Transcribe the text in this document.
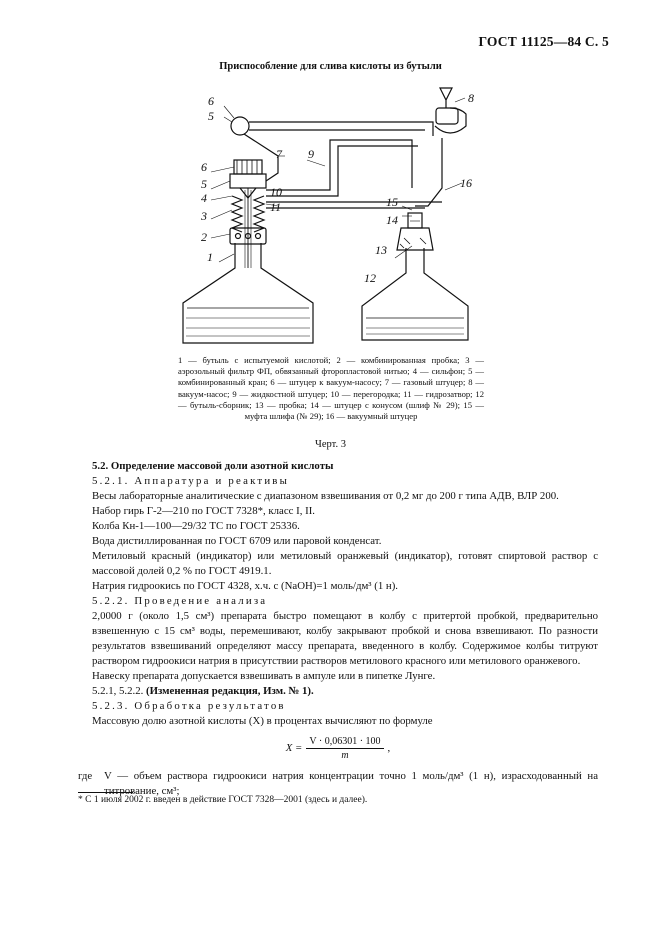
ГОСТ 11125—84 С. 5
Приспособление для слива кислоты из бутыли
1
2
3
4
5
6
6
5
7
8
9
10
11
12
13
14
15
16
1 — бутыль с испытуемой кислотой; 2 — комбинированная пробка; 3 — аэрозольный фильтр ФП, обвязанный фторопластовой нитью; 4 — сильфон; 5 — комбинированный кран; 6 — штуцер к вакуум-насосу; 7 — газовый штуцер; 8 — вакуум-насос; 9 — жидкостной штуцер; 10 — перегородка; 11 — гидрозатвор; 12 — бутыль-сборник; 13 — пробка; 14 — штуцер с конусом (шлиф № 29); 15 — муфта шлифа (№ 29); 16 — вакуумный штуцер
Черт. 3

5.2. Определение массовой доли азотной кислоты

5.2.1. Аппаратура и реактивы

Весы лабораторные аналитические с диапазоном взвешивания от 0,2 мг до 200 г типа АДВ, ВЛР 200.

Набор гирь Г-2—210 по ГОСТ 7328*, класс I, II.

Колба Кн-1—100—29/32 ТС по ГОСТ 25336.

Вода дистиллированная по ГОСТ 6709 или паровой конденсат.

Метиловый красный (индикатор) или метиловый оранжевый (индикатор), готовят спиртовой раствор с массовой долей 0,2 % по ГОСТ 4919.1.

Натрия гидроокись по ГОСТ 4328, х.ч. с (NaOH)=1 моль/дм³ (1 н).

5.2.2. Проведение анализа

2,0000 г (около 1,5 см³) препарата быстро помещают в колбу с притертой пробкой, предварительно взвешенную с 15 см³ воды, перемешивают, колбу закрывают пробкой и снова взвешивают. По разности результатов взвешиваний определяют массу препарата, введенного в колбу. Содержимое колбы титруют раствором гидроокиси натрия в присутствии растворов метилового красного или метилового оранжевого.

Навеску препарата допускается взвешивать в ампуле или в пипетке Лунге.

5.2.1, 5.2.2. (Измененная редакция, Изм. № 1).

5.2.3. Обработка результатов

Массовую долю азотной кислоты (X) в процентах вычисляют по формуле

$X = \frac{V \cdot 0,06301 \cdot 100}{m}$ ,
где	V — объем раствора гидроокиси натрия концентрации точно 1 моль/дм³ (1 н), израсходованный на титрование, см³;
* С 1 июля 2002 г. введен в действие ГОСТ 7328—2001 (здесь и далее).
